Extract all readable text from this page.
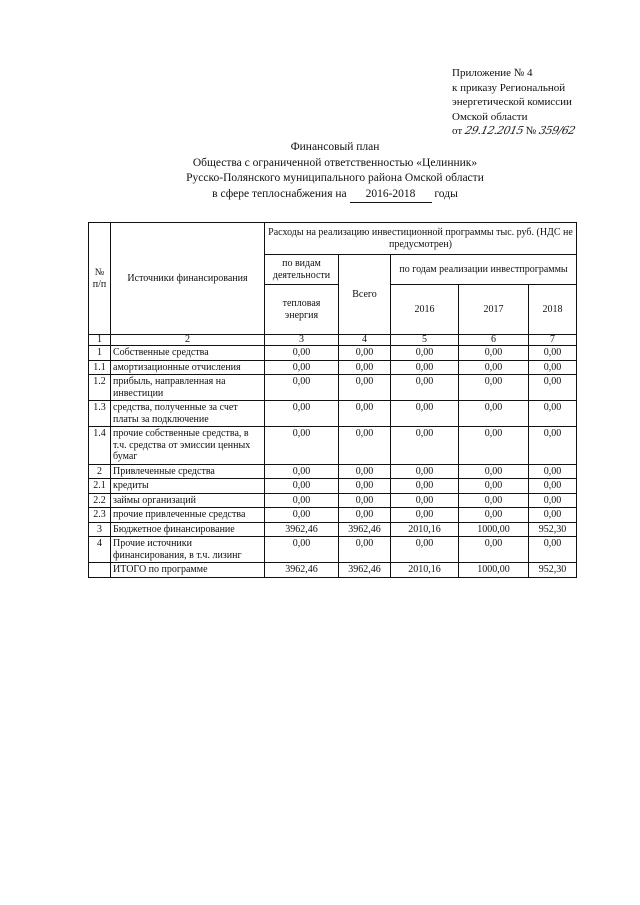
Приложение № 4
к приказу Региональной
энергетической комиссии
Омской области
от 29.12.2015 № 359/62
Финансовый план
Общества с ограниченной ответственностью «Целинник»
Русско-Полянского муниципального района Омской области
в сфере теплоснабжения на 2016-2018 годы
№ п/п	Источники финансирования	Расходы на реализацию инвестиционной программы тыс. руб. (НДС не предусмотрен)				
		по видам деятельности	Всего	по годам реализации инвестпрограммы		
		тепловая энергия		2016	2017	2018
1	2	3	4	5	6	7
1	Собственные средства	0,00	0,00	0,00	0,00	0,00
1.1	амортизационные отчисления	0,00	0,00	0,00	0,00	0,00
1.2	прибыль, направленная на инвестиции	0,00	0,00	0,00	0,00	0,00
1.3	средства, полученные за счет платы за подключение	0,00	0,00	0,00	0,00	0,00
1.4	прочие собственные средства, в т.ч. средства от эмиссии ценных бумаг	0,00	0,00	0,00	0,00	0,00
2	Привлеченные средства	0,00	0,00	0,00	0,00	0,00
2.1	кредиты	0,00	0,00	0,00	0,00	0,00
2.2	займы организаций	0,00	0,00	0,00	0,00	0,00
2.3	прочие привлеченные средства	0,00	0,00	0,00	0,00	0,00
3	Бюджетное финансирование	3962,46	3962,46	2010,16	1000,00	952,30
4	Прочие источники финансирования, в т.ч. лизинг	0,00	0,00	0,00	0,00	0,00
	ИТОГО по программе	3962,46	3962,46	2010,16	1000,00	952,30
